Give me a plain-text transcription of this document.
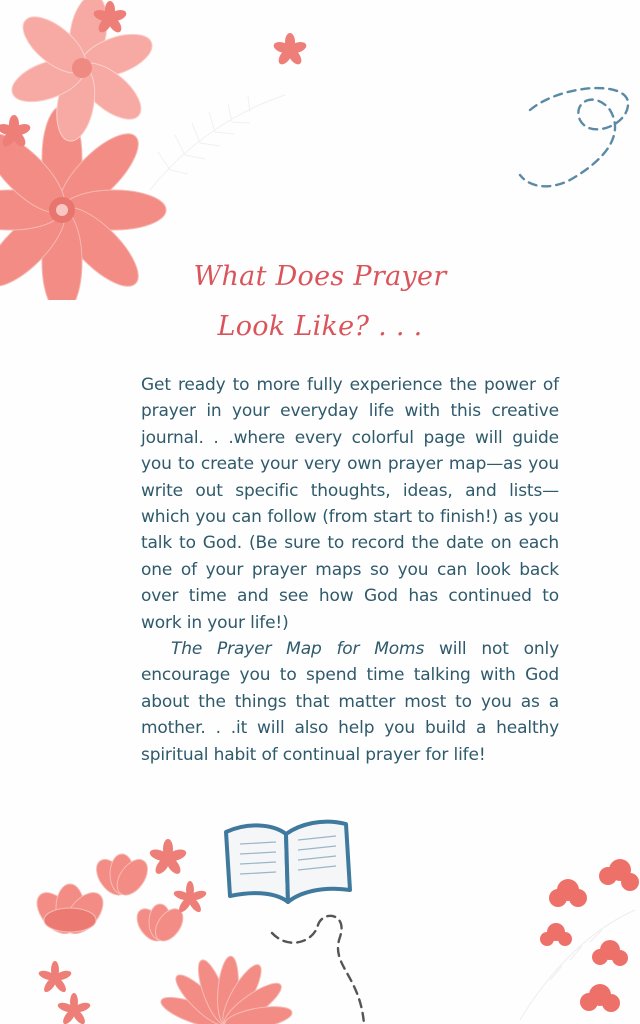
What Does Prayer
Look Like? . . .

Get ready to more fully experience the power of prayer in your everyday life with this creative journal. . .where every colorful page will guide you to create your very own prayer map—as you write out specific thoughts, ideas, and lists—which you can follow (from start to finish!) as you talk to God. (Be sure to record the date on each one of your prayer maps so you can look back over time and see how God has continued to work in your life!)

The Prayer Map for Moms will not only encourage you to spend time talking with God about the things that matter most to you as a mother. . .it will also help you build a healthy spiritual habit of continual prayer for life!
